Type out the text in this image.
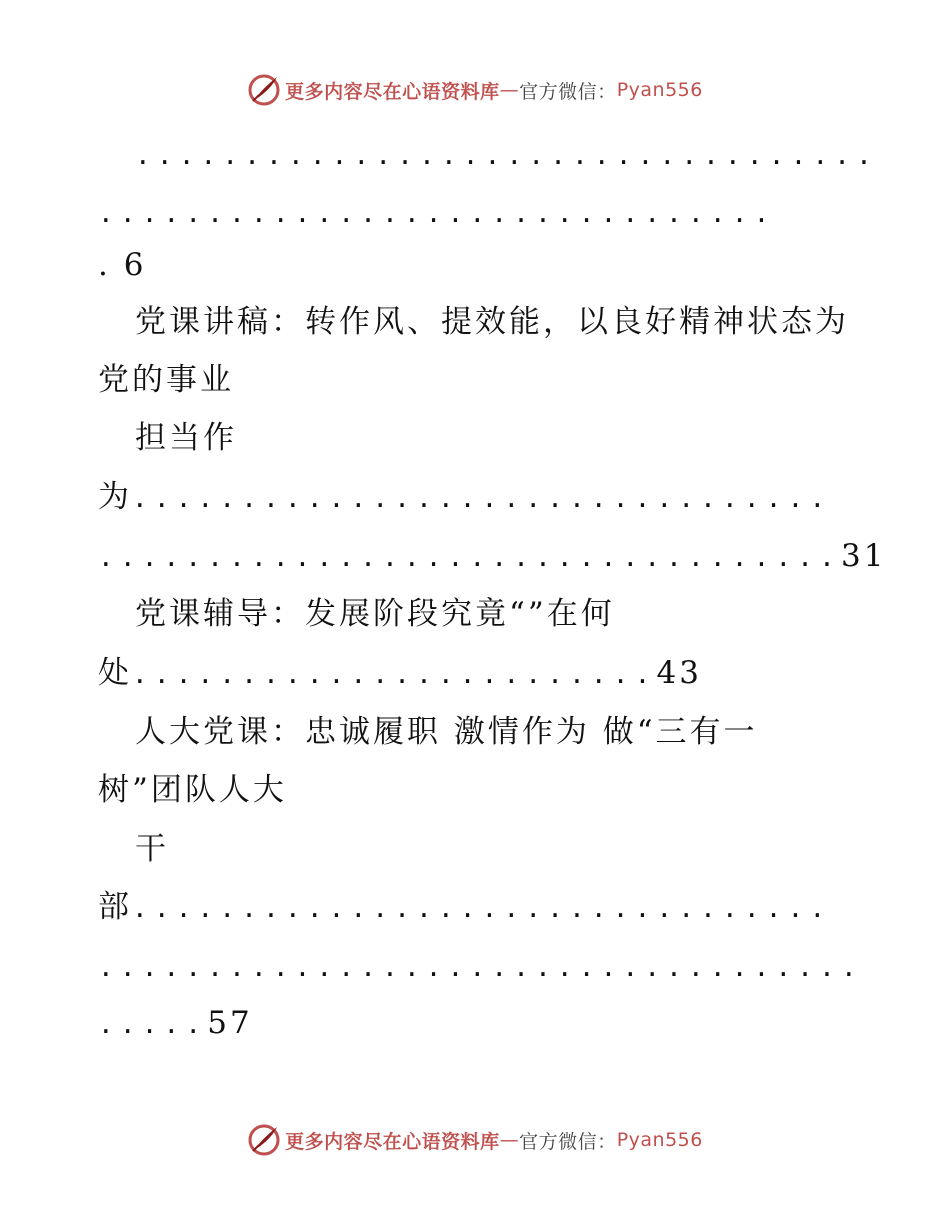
更多内容尽在心语资料库 — 官方微信： Pyan556
..................................
...............................
. 6
党课讲稿：转作风、提效能，以良好精神状态为
党的事业
担当作
为................................
..................................31
党课辅导：发展阶段究竟“”在何
处........................43
人大党课：忠诚履职 激情作为 做“三有一
树”团队人大
干
部................................
...................................
.....57
更多内容尽在心语资料库 — 官方微信： Pyan556
